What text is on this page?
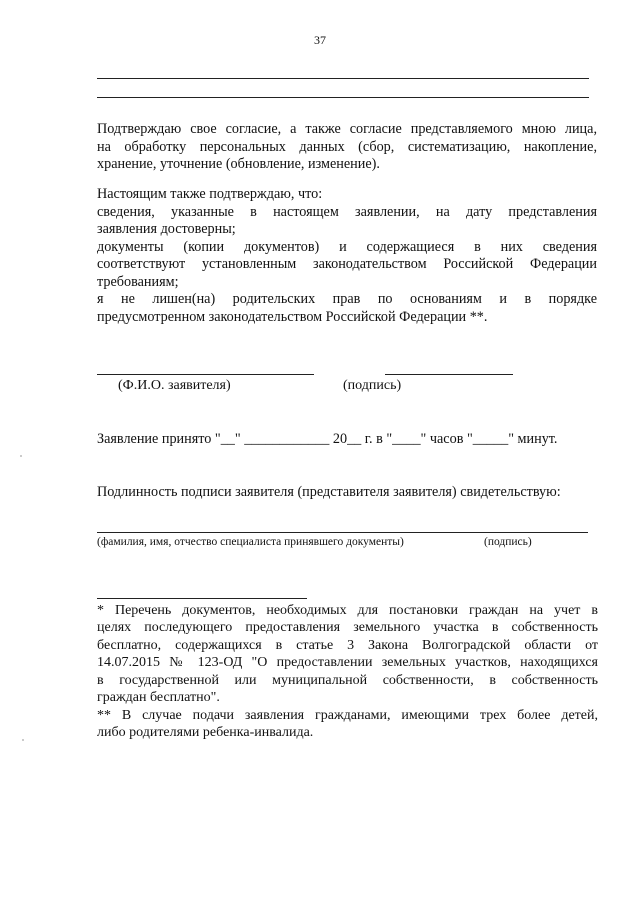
37
Подтверждаю свое согласие, а также согласие представляемого мною лица,
на обработку персональных данных (сбор, систематизацию, накопление,
хранение, уточнение (обновление, изменение).
Настоящим также подтверждаю, что:
сведения, указанные в настоящем заявлении, на дату представления
заявления достоверны;
документы (копии документов) и содержащиеся в них сведения
соответствуют установленным законодательством Российской Федерации
требованиям;
я не лишен(на) родительских прав по основаниям и в порядке
предусмотренном законодательством Российской Федерации **.
(Ф.И.О. заявителя)	(подпись)
Заявление принято "__" ____________ 20__ г. в "____" часов "_____" минут.
Подлинность подписи заявителя (представителя заявителя) свидетельствую:
(фамилия, имя, отчество специалиста принявшего документы)	(подпись)
* Перечень документов, необходимых для постановки граждан на учет в
целях последующего предоставления земельного участка в собственность
бесплатно, содержащихся в статье 3 Закона Волгоградской области от
14.07.2015 № 123-ОД "О предоставлении земельных участков, находящихся
в государственной или муниципальной собственности, в собственность
граждан бесплатно".
** В случае подачи заявления гражданами, имеющими трех более детей,
либо родителями ребенка-инвалида.
